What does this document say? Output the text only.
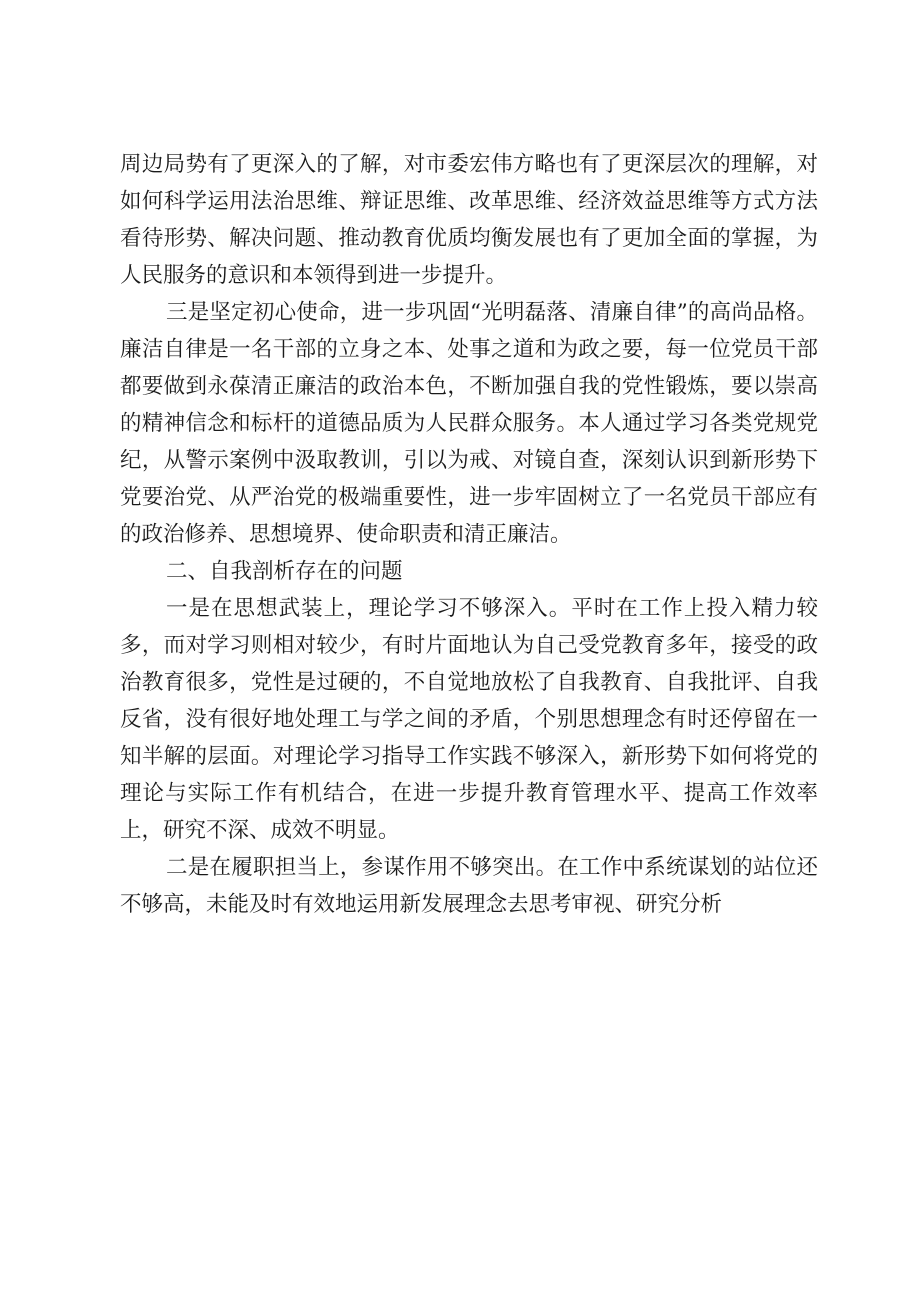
周边局势有了更深入的了解，对市委宏伟方略也有了更深层次的理解，对如何科学运用法治思维、辩证思维、改革思维、经济效益思维等方式方法看待形势、解决问题、推动教育优质均衡发展也有了更加全面的掌握，为人民服务的意识和本领得到进一步提升。

三是坚定初心使命，进一步巩固“光明磊落、清廉自律”的高尚品格。廉洁自律是一名干部的立身之本、处事之道和为政之要，每一位党员干部都要做到永葆清正廉洁的政治本色，不断加强自我的党性锻炼，要以崇高的精神信念和标杆的道德品质为人民群众服务。本人通过学习各类党规党纪，从警示案例中汲取教训，引以为戒、对镜自查，深刻认识到新形势下党要治党、从严治党的极端重要性，进一步牢固树立了一名党员干部应有的政治修养、思想境界、使命职责和清正廉洁。

二、自我剖析存在的问题

一是在思想武装上，理论学习不够深入。平时在工作上投入精力较多，而对学习则相对较少，有时片面地认为自己受党教育多年，接受的政治教育很多，党性是过硬的，不自觉地放松了自我教育、自我批评、自我反省，没有很好地处理工与学之间的矛盾，个别思想理念有时还停留在一知半解的层面。对理论学习指导工作实践不够深入，新形势下如何将党的理论与实际工作有机结合，在进一步提升教育管理水平、提高工作效率上，研究不深、成效不明显。

二是在履职担当上，参谋作用不够突出。在工作中系统谋划的站位还不够高，未能及时有效地运用新发展理念去思考审视、研究分析
